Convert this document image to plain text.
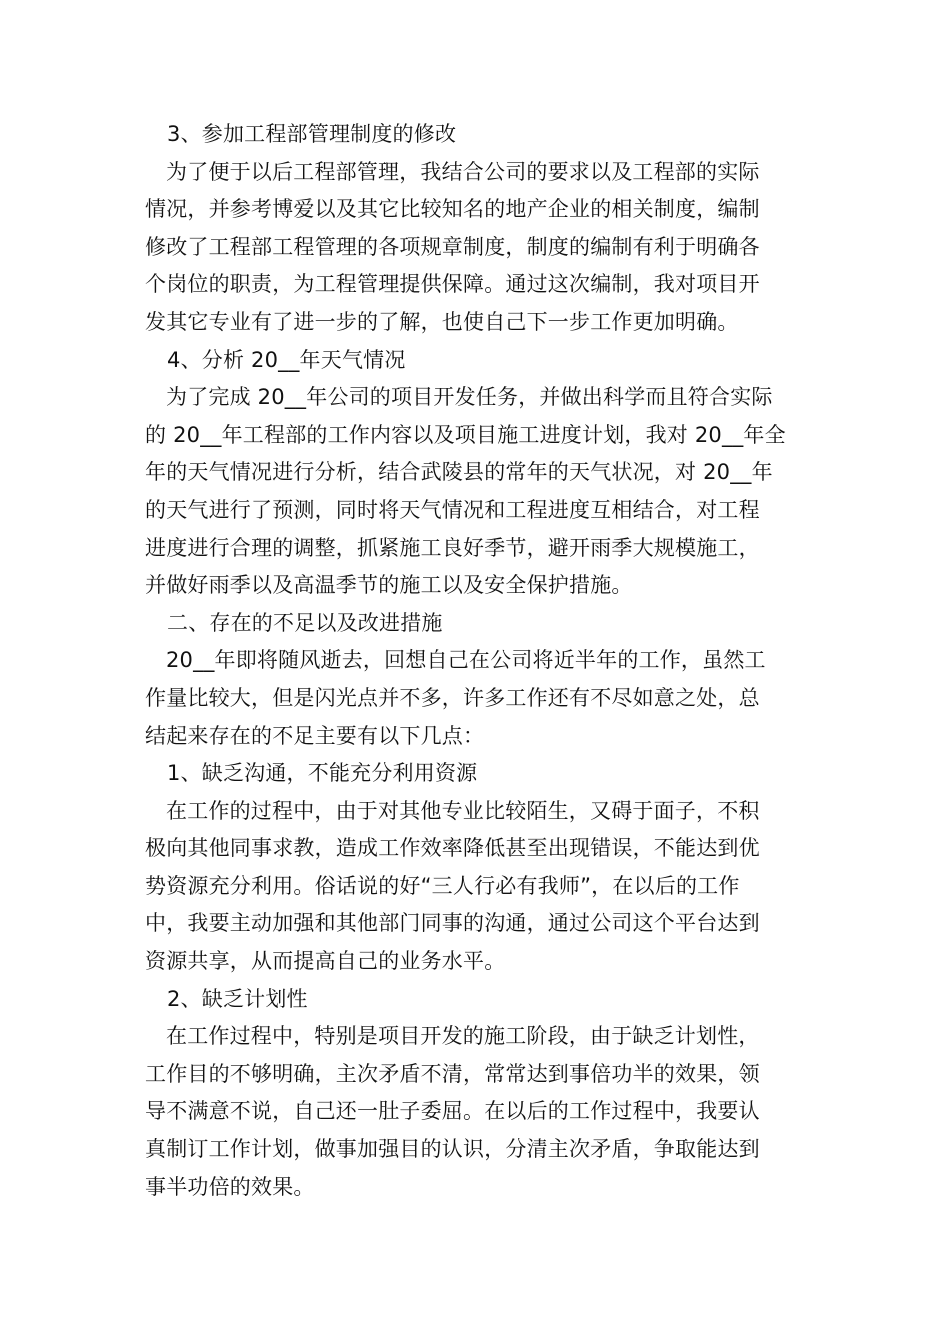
3、参加工程部管理制度的修改
为了便于以后工程部管理，我结合公司的要求以及工程部的实际
情况，并参考博爱以及其它比较知名的地产企业的相关制度，编制
修改了工程部工程管理的各项规章制度，制度的编制有利于明确各
个岗位的职责，为工程管理提供保障。通过这次编制，我对项目开
发其它专业有了进一步的了解，也使自己下一步工作更加明确。
4、分析 20__年天气情况
为了完成 20__年公司的项目开发任务，并做出科学而且符合实际
的 20__年工程部的工作内容以及项目施工进度计划，我对 20__年全
年的天气情况进行分析，结合武陵县的常年的天气状况，对 20__年
的天气进行了预测，同时将天气情况和工程进度互相结合，对工程
进度进行合理的调整，抓紧施工良好季节，避开雨季大规模施工，
并做好雨季以及高温季节的施工以及安全保护措施。
二、存在的不足以及改进措施
20__年即将随风逝去，回想自己在公司将近半年的工作，虽然工
作量比较大，但是闪光点并不多，许多工作还有不尽如意之处，总
结起来存在的不足主要有以下几点：
1、缺乏沟通，不能充分利用资源
在工作的过程中，由于对其他专业比较陌生，又碍于面子，不积
极向其他同事求教，造成工作效率降低甚至出现错误，不能达到优
势资源充分利用。俗话说的好“三人行必有我师”，在以后的工作
中，我要主动加强和其他部门同事的沟通，通过公司这个平台达到
资源共享，从而提高自己的业务水平。
2、缺乏计划性
在工作过程中，特别是项目开发的施工阶段，由于缺乏计划性，
工作目的不够明确，主次矛盾不清，常常达到事倍功半的效果，领
导不满意不说，自己还一肚子委屈。在以后的工作过程中，我要认
真制订工作计划，做事加强目的认识，分清主次矛盾，争取能达到
事半功倍的效果。
